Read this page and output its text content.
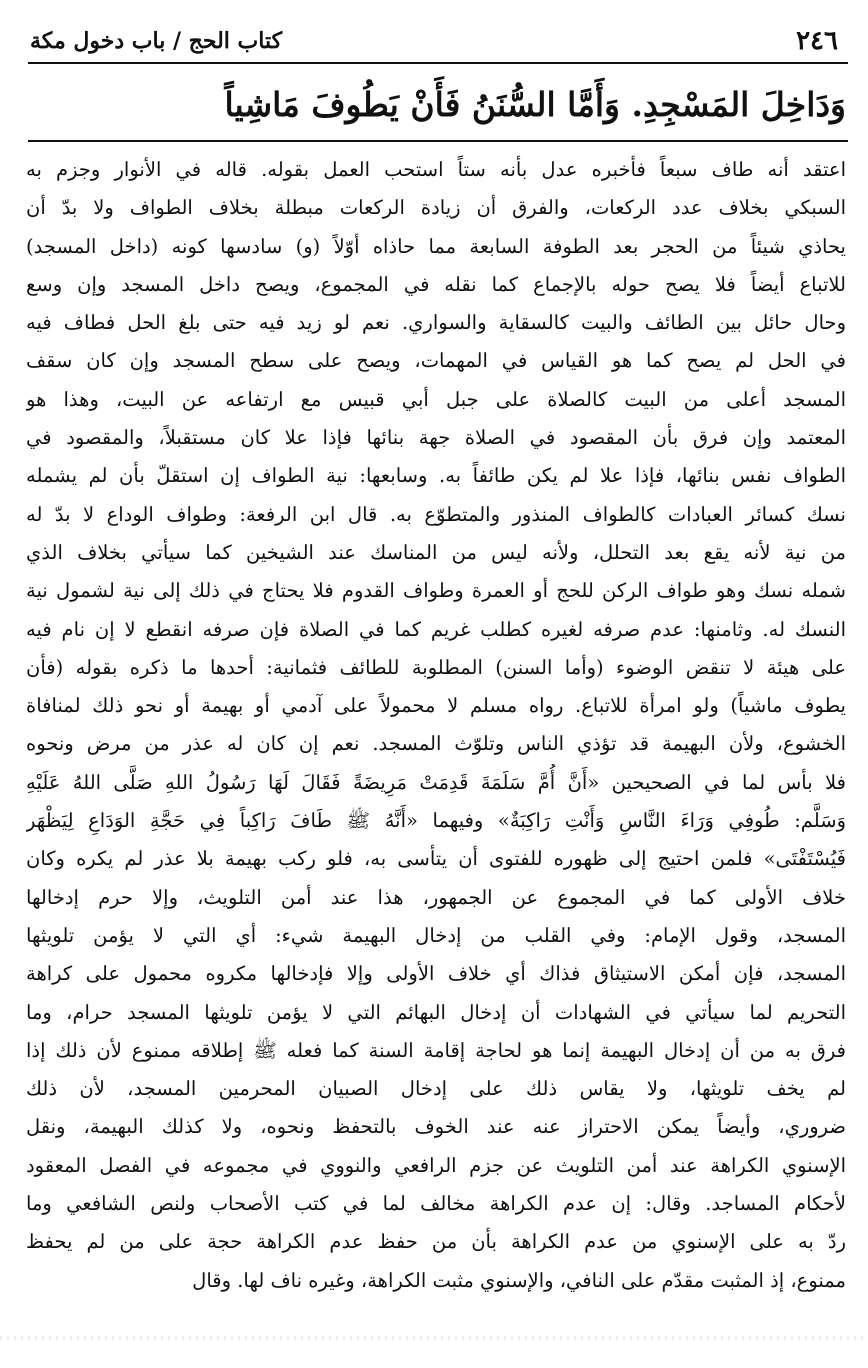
٢٤٦
كتاب الحج / باب دخول مكة
وَدَاخِلَ المَسْجِدِ. وَأَمَّا السُّنَنُ فَأَنْ يَطُوفَ مَاشِياً
اعتقد أنه طاف سبعاً فأخبره عدل بأنه ستاً استحب العمل بقوله. قاله في الأنوار وجزم به
السبكي بخلاف عدد الركعات، والفرق أن زيادة الركعات مبطلة بخلاف الطواف ولا بدّ أن
يحاذي شيئاً من الحجر بعد الطوفة السابعة مما حاذاه أوّلاً (و) سادسها كونه (داخل المسجد)
للاتباع أيضاً فلا يصح حوله بالإجماع كما نقله في المجموع، ويصح داخل المسجد وإن وسع
وحال حائل بين الطائف والبيت كالسقاية والسواري. نعم لو زيد فيه حتى بلغ الحل فطاف فيه
في الحل لم يصح كما هو القياس في المهمات، ويصح على سطح المسجد وإن كان سقف
المسجد أعلى من البيت كالصلاة على جبل أبي قبيس مع ارتفاعه عن البيت، وهذا هو
المعتمد وإن فرق بأن المقصود في الصلاة جهة بنائها فإذا علا كان مستقبلاً، والمقصود في
الطواف نفس بنائها، فإذا علا لم يكن طائفاً به. وسابعها: نية الطواف إن استقلّ بأن لم يشمله
نسك كسائر العبادات كالطواف المنذور والمتطوّع به. قال ابن الرفعة: وطواف الوداع لا بدّ له
من نية لأنه يقع بعد التحلل، ولأنه ليس من المناسك عند الشيخين كما سيأتي بخلاف الذي
شمله نسك وهو طواف الركن للحج أو العمرة وطواف القدوم فلا يحتاج في ذلك إلى نية لشمول نية
النسك له. وثامنها: عدم صرفه لغيره كطلب غريم كما في الصلاة فإن صرفه انقطع لا إن نام فيه
على هيئة لا تنقض الوضوء (وأما السنن) المطلوبة للطائف فثمانية: أحدها ما ذكره بقوله (فأن
يطوف ماشياً) ولو امرأة للاتباع. رواه مسلم لا محمولاً على آدمي أو بهيمة أو نحو ذلك لمنافاة
الخشوع، ولأن البهيمة قد تؤذي الناس وتلوّث المسجد. نعم إن كان له عذر من مرض ونحوه
فلا بأس لما في الصحيحين «أَنَّ أُمَّ سَلَمَةَ قَدِمَتْ مَرِيضَةً فَقَالَ لَهَا رَسُولُ اللهِ صَلَّى اللهُ عَلَيْهِ
وَسَلَّم: طُوفِي وَرَاءَ النَّاسِ وَأَنْتِ رَاكِبَةٌ» وفيهما «أَنَّهُ ﷺ طَافَ رَاكِباً فِي حَجَّةِ الوَدَاعِ لِيَظْهَر
فَيُسْتَفْتَى» فلمن احتيج إلى ظهوره للفتوى أن يتأسى به، فلو ركب بهيمة بلا عذر لم يكره وكان
خلاف الأولى كما في المجموع عن الجمهور، هذا عند أمن التلويث، وإلا حرم إدخالها
المسجد، وقول الإمام: وفي القلب من إدخال البهيمة شيء: أي التي لا يؤمن تلويثها
المسجد، فإن أمكن الاستيثاق فذاك أي خلاف الأولى وإلا فإدخالها مكروه محمول على كراهة
التحريم لما سيأتي في الشهادات أن إدخال البهائم التي لا يؤمن تلويثها المسجد حرام، وما
فرق به من أن إدخال البهيمة إنما هو لحاجة إقامة السنة كما فعله ﷺ إطلاقه ممنوع لأن ذلك إذا
لم يخف تلويثها، ولا يقاس ذلك على إدخال الصبيان المحرمين المسجد، لأن ذلك
ضروري، وأيضاً يمكن الاحتراز عنه عند الخوف بالتحفظ ونحوه، ولا كذلك البهيمة، ونقل
الإسنوي الكراهة عند أمن التلويث عن جزم الرافعي والنووي في مجموعه في الفصل المعقود
لأحكام المساجد. وقال: إن عدم الكراهة مخالف لما في كتب الأصحاب ولنص الشافعي وما
ردّ به على الإسنوي من عدم الكراهة بأن من حفظ عدم الكراهة حجة على من لم يحفظ
ممنوع، إذ المثبت مقدّم على النافي، والإسنوي مثبت الكراهة، وغيره ناف لها. وقال
